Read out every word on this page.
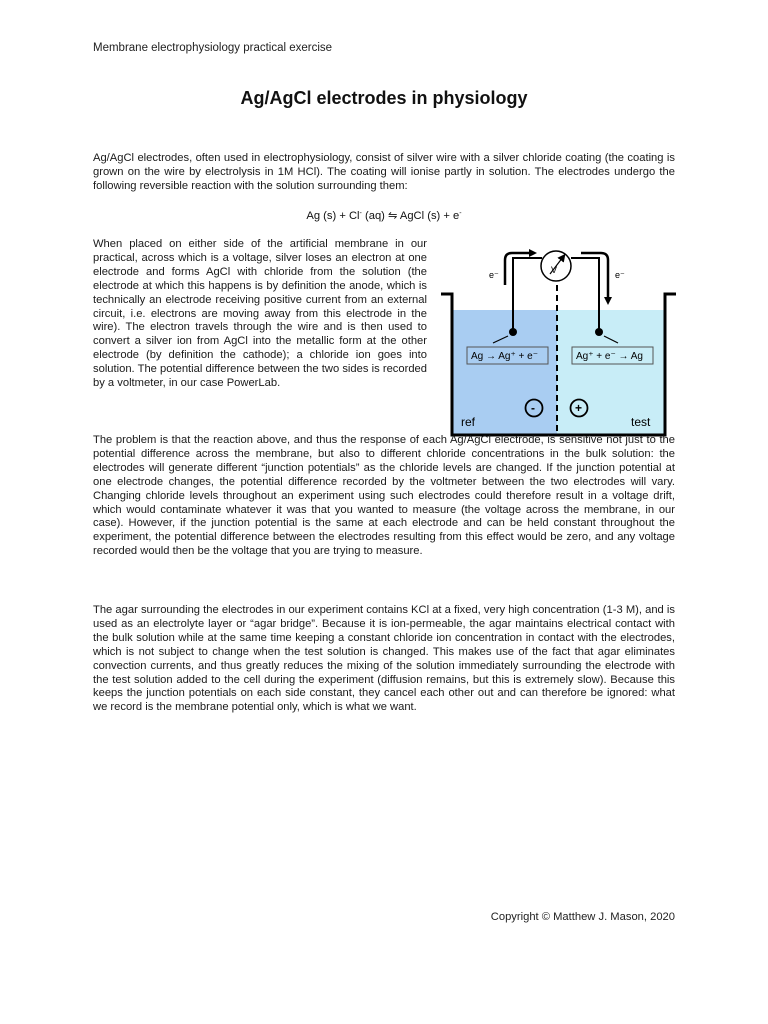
Membrane electrophysiology practical exercise
Ag/AgCl electrodes in physiology
Ag/AgCl electrodes, often used in electrophysiology, consist of silver wire with a silver chloride coating (the coating is grown on the wire by electrolysis in 1M HCl). The coating will ionise partly in solution. The electrodes undergo the following reversible reaction with the solution surrounding them:
Ag (s) + Cl- (aq) ⇋ AgCl (s) + e-
When placed on either side of the artificial membrane in our practical, across which is a voltage, silver loses an electron at one electrode and forms AgCl with chloride from the solution (the electrode at which this happens is by definition the anode, which is technically an electrode receiving positive current from an external circuit, i.e. electrons are moving away from this electrode in the wire). The electron travels through the wire and is then used to convert a silver ion from AgCl into the metallic form at the other electrode (by definition the cathode); a chloride ion goes into solution. The potential difference between the two sides is recorded by a voltmeter, in our case PowerLab.
V
e⁻	e⁻
Ag → Ag⁺ + e⁻	Ag⁺ + e⁻ → Ag
-	+
ref	test
The problem is that the reaction above, and thus the response of each Ag/AgCl electrode, is sensitive not just to the potential difference across the membrane, but also to different chloride concentrations in the bulk solution: the electrodes will generate different “junction potentials” as the chloride levels are changed. If the junction potential at one electrode changes, the potential difference recorded by the voltmeter between the two electrodes will vary. Changing chloride levels throughout an experiment using such electrodes could therefore result in a voltage drift, which would contaminate whatever it was that you wanted to measure (the voltage across the membrane, in our case). However, if the junction potential is the same at each electrode and can be held constant throughout the experiment, the potential difference between the electrodes resulting from this effect would be zero, and any voltage recorded would then be the voltage that you are trying to measure.
The agar surrounding the electrodes in our experiment contains KCl at a fixed, very high concentration (1-3 M), and is used as an electrolyte layer or “agar bridge”. Because it is ion-permeable, the agar maintains electrical contact with the bulk solution while at the same time keeping a constant chloride ion concentration in contact with the electrodes, which is not subject to change when the test solution is changed. This makes use of the fact that agar eliminates convection currents, and thus greatly reduces the mixing of the solution immediately surrounding the electrode with the test solution added to the cell during the experiment (diffusion remains, but this is extremely slow). Because this keeps the junction potentials on each side constant, they cancel each other out and can therefore be ignored: what we record is the membrane potential only, which is what we want.
Copyright © Matthew J. Mason, 2020
